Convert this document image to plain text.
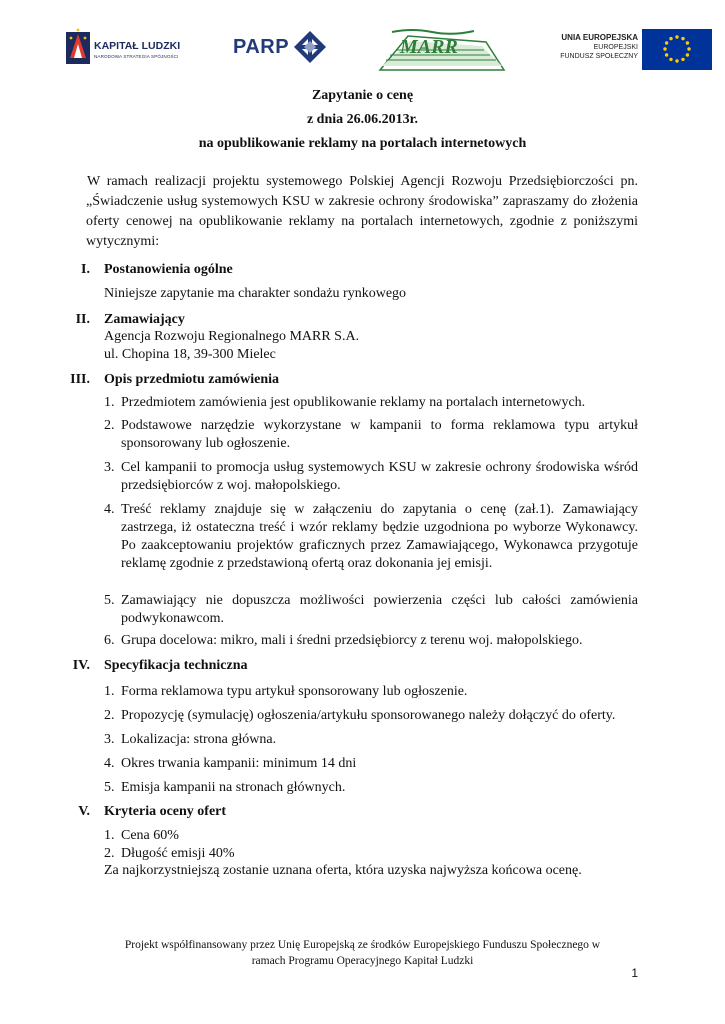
KAPITAŁ LUDZKI
NARODOWA STRATEGIA SPÓJNOŚCI	PARP	MARR	UNIA EUROPEJSKA
EUROPEJSKI
FUNDUSZ SPOŁECZNY
Zapytanie o cenę
z dnia 26.06.2013r.
na opublikowanie reklamy na portalach internetowych

W ramach realizacji projektu systemowego Polskiej Agencji Rozwoju Przedsiębiorczości pn. „Świadczenie usług systemowych KSU w zakresie ochrony środowiska” zapraszamy do złożenia oferty cenowej na opublikowanie reklamy na portalach internetowych, zgodnie z poniższymi wytycznymi:

I. Postanowienia ogólne
Niniejsze zapytanie ma charakter sondażu rynkowego
II. Zamawiający
Agencja Rozwoju Regionalnego MARR S.A.
ul. Chopina 18, 39-300 Mielec
III. Opis przedmiotu zamówienia
1. Przedmiotem zamówienia jest opublikowanie reklamy na portalach internetowych.
2. Podstawowe narzędzie wykorzystane w kampanii to forma reklamowa typu artykuł sponsorowany lub ogłoszenie.
3. Cel kampanii to promocja usług systemowych KSU w zakresie ochrony środowiska wśród przedsiębiorców z woj. małopolskiego.
4. Treść reklamy znajduje się w załączeniu do zapytania o cenę (zał.1). Zamawiający zastrzega, iż ostateczna treść i wzór reklamy będzie uzgodniona po wyborze Wykonawcy. Po zaakceptowaniu projektów graficznych przez Zamawiającego, Wykonawca przygotuje reklamę zgodnie z przedstawioną ofertą oraz dokonania jej emisji.
5. Zamawiający nie dopuszcza możliwości powierzenia części lub całości zamówienia podwykonawcom.
6. Grupa docelowa: mikro, mali i średni przedsiębiorcy z terenu woj. małopolskiego.
IV. Specyfikacja techniczna
1. Forma reklamowa typu artykuł sponsorowany lub ogłoszenie.
2. Propozycję (symulację) ogłoszenia/artykułu sponsorowanego należy dołączyć do oferty.
3. Lokalizacja: strona główna.
4. Okres trwania kampanii: minimum 14 dni
5. Emisja kampanii na stronach głównych.
V. Kryteria oceny ofert
1. Cena 60%
2. Długość emisji 40%
Za najkorzystniejszą zostanie uznana oferta, która uzyska najwyższa końcowa ocenę.
Projekt współfinansowany przez Unię Europejską ze środków Europejskiego Funduszu Społecznego w
ramach Programu Operacyjnego Kapitał Ludzki
1
